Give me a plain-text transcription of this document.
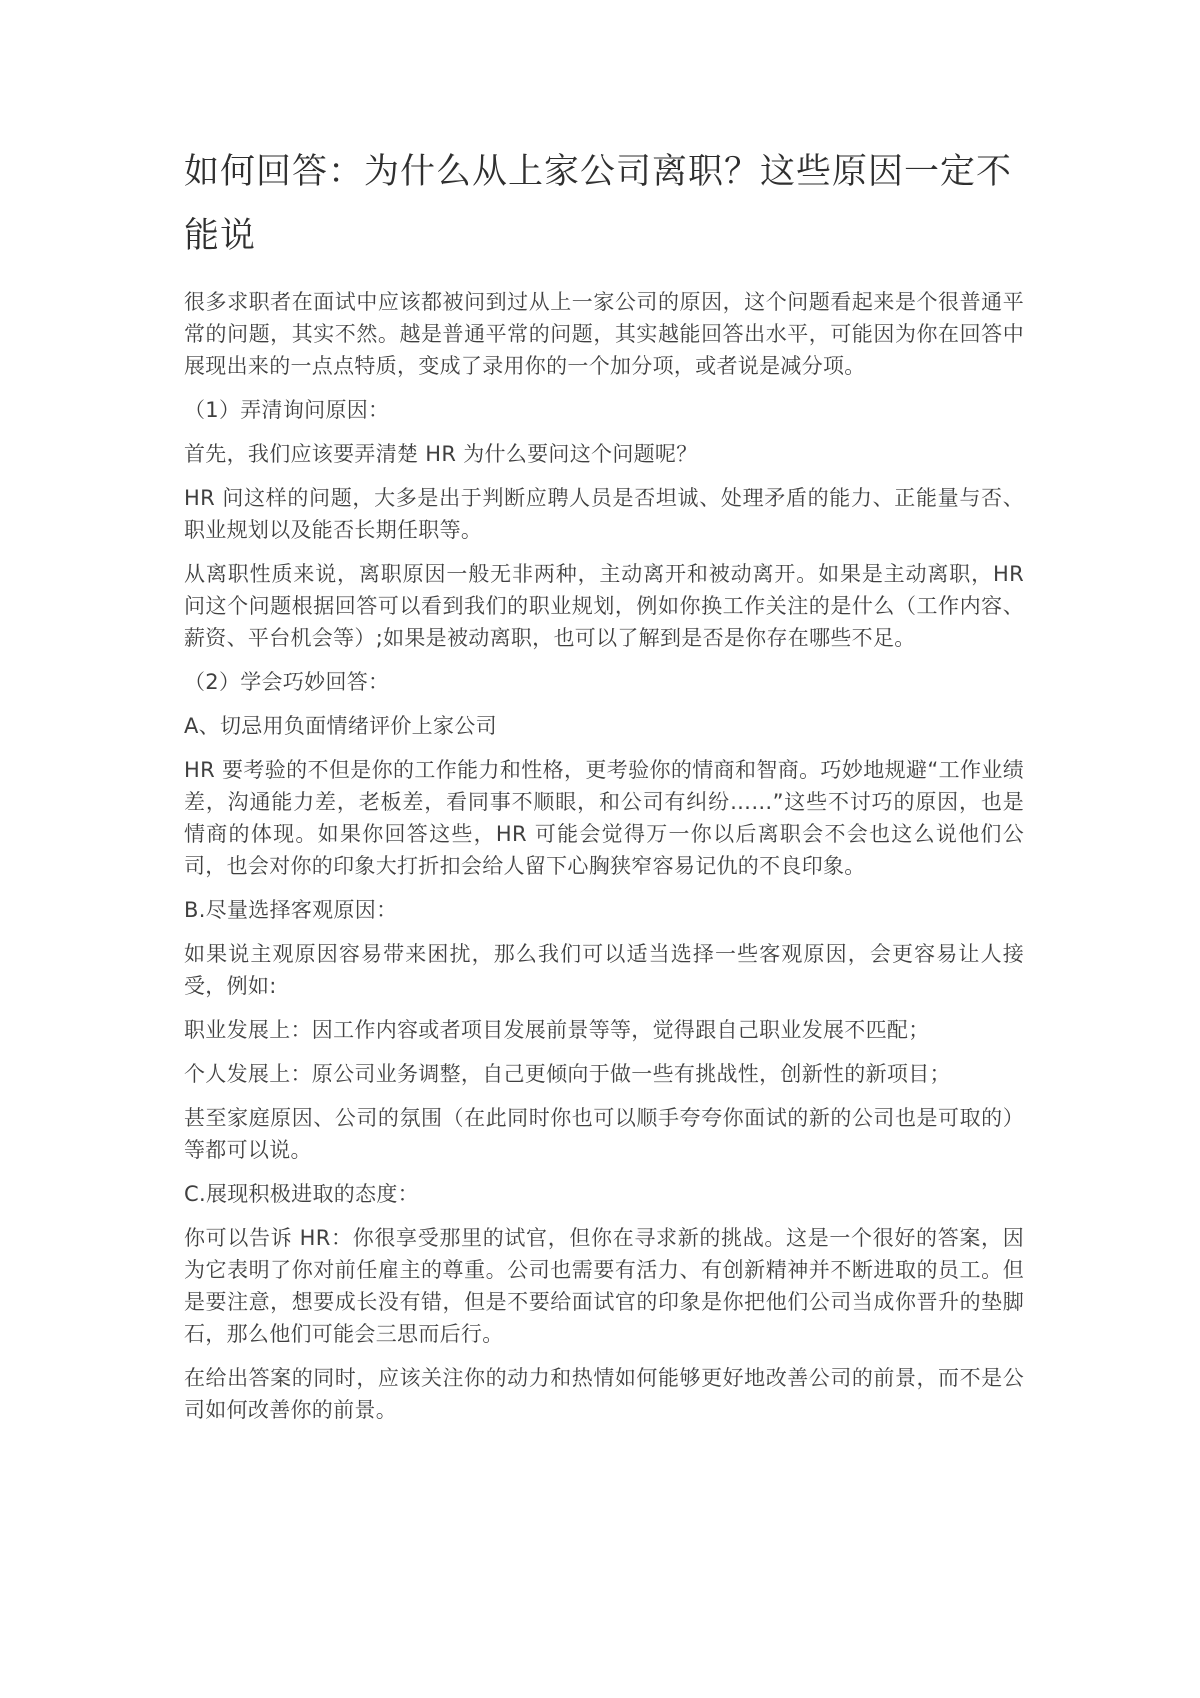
如何回答：为什么从上家公司离职？这些原因一定不能说

很多求职者在面试中应该都被问到过从上一家公司的原因，这个问题看起来是个很普通平常的问题，其实不然。越是普通平常的问题，其实越能回答出水平，可能因为你在回答中展现出来的一点点特质，变成了录用你的一个加分项，或者说是减分项。

（1）弄清询问原因：

首先，我们应该要弄清楚 HR 为什么要问这个问题呢？

HR 问这样的问题，大多是出于判断应聘人员是否坦诚、处理矛盾的能力、正能量与否、职业规划以及能否长期任职等。

从离职性质来说，离职原因一般无非两种，主动离开和被动离开。如果是主动离职，HR 问这个问题根据回答可以看到我们的职业规划，例如你换工作关注的是什么（工作内容、薪资、平台机会等）;如果是被动离职，也可以了解到是否是你存在哪些不足。

（2）学会巧妙回答：

A、切忌用负面情绪评价上家公司

HR 要考验的不但是你的工作能力和性格，更考验你的情商和智商。巧妙地规避“工作业绩差，沟通能力差，老板差，看同事不顺眼，和公司有纠纷……”这些不讨巧的原因，也是情商的体现。如果你回答这些，HR 可能会觉得万一你以后离职会不会也这么说他们公司，也会对你的印象大打折扣会给人留下心胸狭窄容易记仇的不良印象。

B.尽量选择客观原因：

如果说主观原因容易带来困扰，那么我们可以适当选择一些客观原因，会更容易让人接受，例如:

职业发展上：因工作内容或者项目发展前景等等，觉得跟自己职业发展不匹配；

个人发展上：原公司业务调整，自己更倾向于做一些有挑战性，创新性的新项目；

甚至家庭原因、公司的氛围（在此同时你也可以顺手夸夸你面试的新的公司也是可取的）等都可以说。

C.展现积极进取的态度：

你可以告诉 HR：你很享受那里的试官，但你在寻求新的挑战。这是一个很好的答案，因为它表明了你对前任雇主的尊重。公司也需要有活力、有创新精神并不断进取的员工。但是要注意，想要成长没有错，但是不要给面试官的印象是你把他们公司当成你晋升的垫脚石，那么他们可能会三思而后行。

在给出答案的同时，应该关注你的动力和热情如何能够更好地改善公司的前景，而不是公司如何改善你的前景。
